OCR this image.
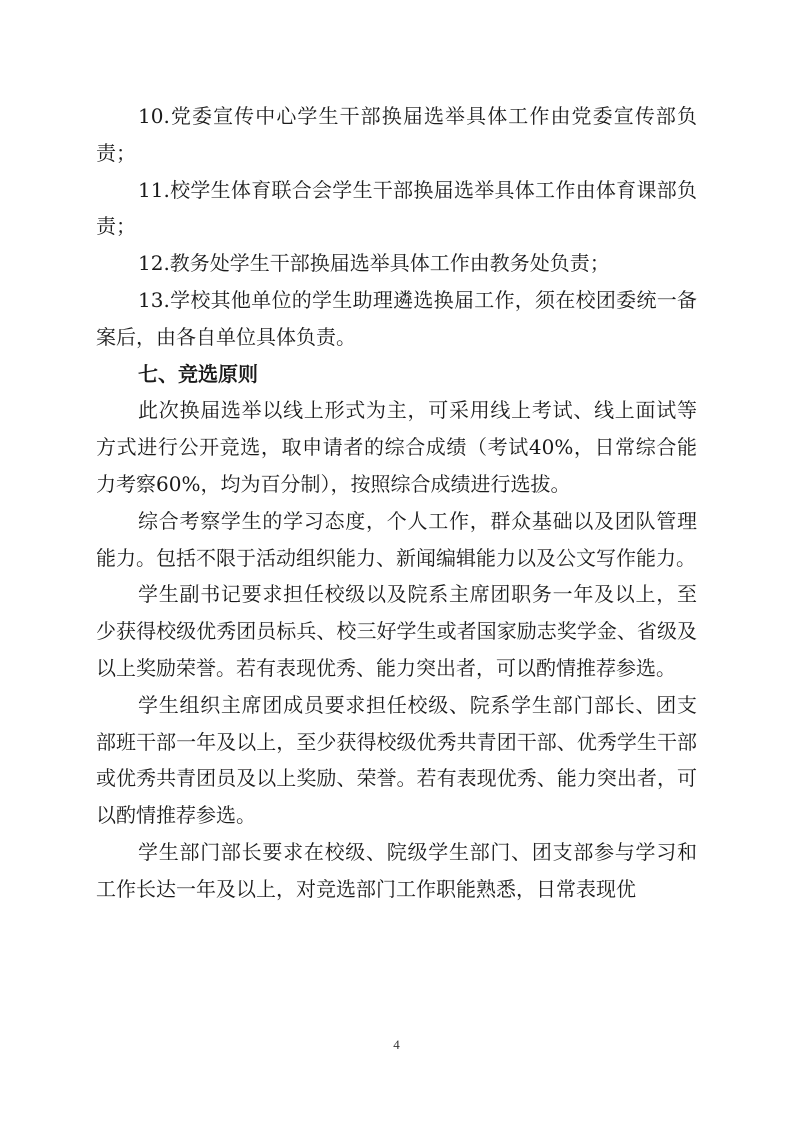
10.党委宣传中心学生干部换届选举具体工作由党委宣传部负责；

11.校学生体育联合会学生干部换届选举具体工作由体育课部负责；

12.教务处学生干部换届选举具体工作由教务处负责；

13.学校其他单位的学生助理遴选换届工作，须在校团委统一备案后，由各自单位具体负责。

七、竞选原则

此次换届选举以线上形式为主，可采用线上考试、线上面试等方式进行公开竞选，取申请者的综合成绩（考试40%，日常综合能力考察60%，均为百分制），按照综合成绩进行选拔。

综合考察学生的学习态度，个人工作，群众基础以及团队管理能力。包括不限于活动组织能力、新闻编辑能力以及公文写作能力。

学生副书记要求担任校级以及院系主席团职务一年及以上，至少获得校级优秀团员标兵、校三好学生或者国家励志奖学金、省级及以上奖励荣誉。若有表现优秀、能力突出者，可以酌情推荐参选。

学生组织主席团成员要求担任校级、院系学生部门部长、团支部班干部一年及以上，至少获得校级优秀共青团干部、优秀学生干部或优秀共青团员及以上奖励、荣誉。若有表现优秀、能力突出者，可以酌情推荐参选。

学生部门部长要求在校级、院级学生部门、团支部参与学习和工作长达一年及以上，对竞选部门工作职能熟悉，日常表现优

4
